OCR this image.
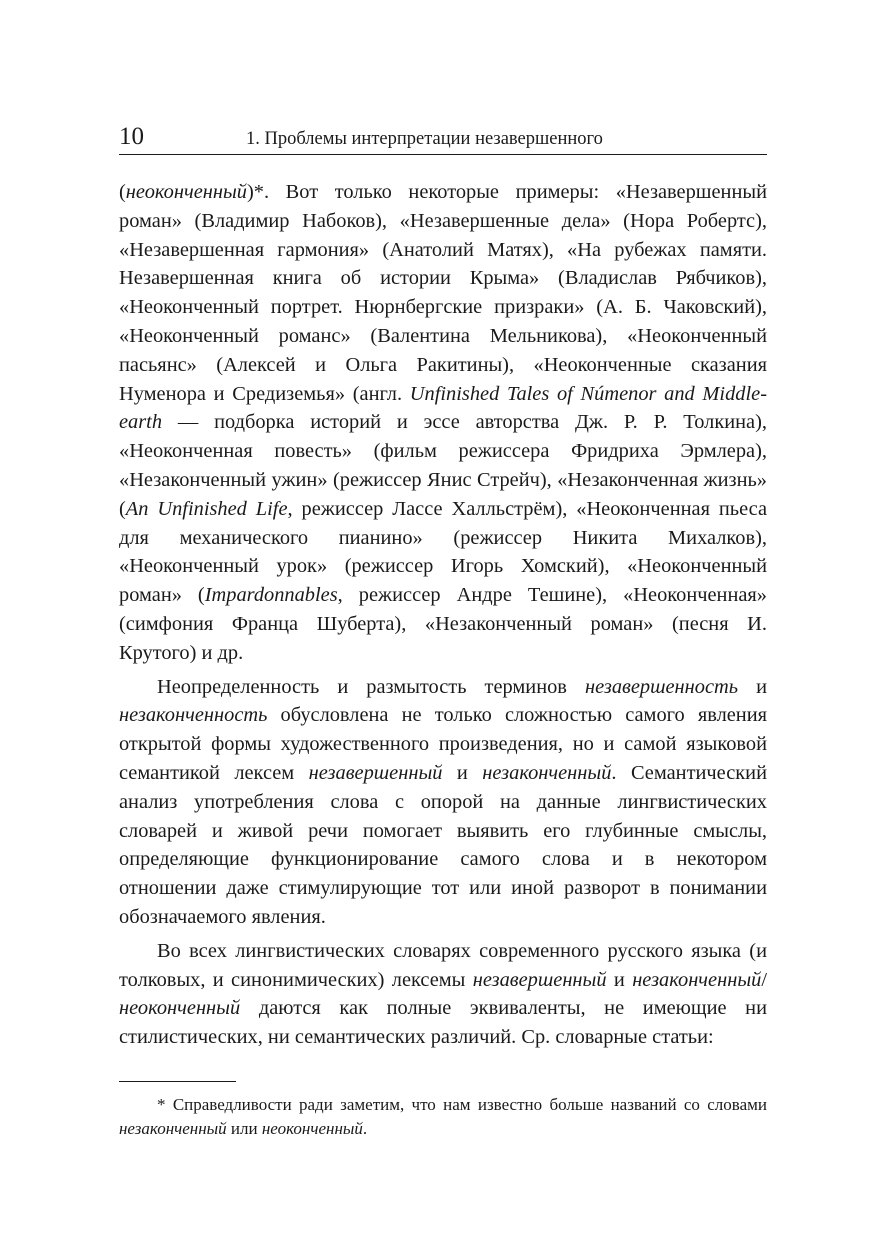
10	1. Проблемы интерпретации незавершенного

(неоконченный)*. Вот только некоторые примеры: «Незавершенный роман» (Владимир Набоков), «Незавершенные дела» (Нора Робертс), «Незавершенная гармония» (Анатолий Матях), «На рубежах памяти. Незавершенная книга об истории Крыма» (Владислав Рябчиков), «Неоконченный портрет. Нюрнбергские призраки» (А. Б. Чаковский), «Неоконченный романс» (Валентина Мельникова), «Неоконченный пасьянс» (Алексей и Ольга Ракитины), «Неоконченные сказания Нуменора и Средиземья» (англ. Unfinished Tales of Númenor and Middle-earth — подборка историй и эссе авторства Дж. Р. Р. Толкина), «Неоконченная повесть» (фильм режиссера Фридриха Эрмлера), «Незаконченный ужин» (режиссер Янис Стрейч), «Незаконченная жизнь» (An Unfinished Life, режиссер Лассе Халльстрём), «Неоконченная пьеса для механического пианино» (режиссер Никита Михалков), «Неоконченный урок» (режиссер Игорь Хомский), «Неоконченный роман» (Impardonnables, режиссер Андре Тешине), «Неоконченная» (симфония Франца Шуберта), «Незаконченный роман» (песня И. Крутого) и др.

Неопределенность и размытость терминов незавершенность и незаконченность обусловлена не только сложностью самого явления открытой формы художественного произведения, но и самой языковой семантикой лексем незавершенный и незаконченный. Семантический анализ употребления слова с опорой на данные лингвистических словарей и живой речи помогает выявить его глубинные смыслы, определяющие функционирование самого слова и в некотором отношении даже стимулирующие тот или иной разворот в понимании обозначаемого явления.

Во всех лингвистических словарях современного русского языка (и толковых, и синонимических) лексемы незавершенный и незаконченный/неоконченный даются как полные эквиваленты, не имеющие ни стилистических, ни семантических различий. Ср. словарные статьи:

* Справедливости ради заметим, что нам известно больше названий со словами незаконченный или неоконченный.
